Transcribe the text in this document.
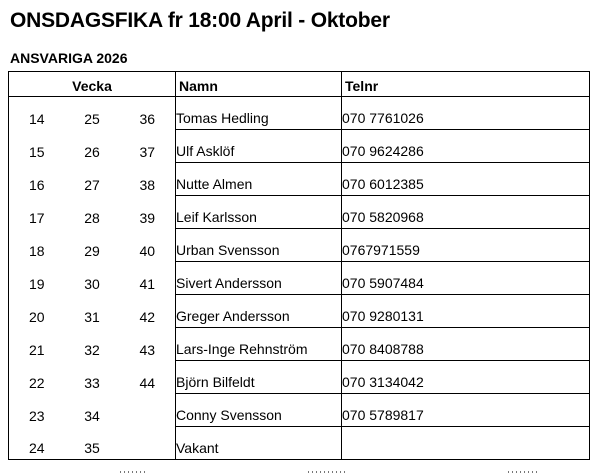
ONSDAGSFIKA fr 18:00 April - Oktober
ANSVARIGA 2026
Vecka			Namn	Telnr
14	25	36	Tomas Hedling	070 7761026
15	26	37	Ulf Asklöf	070 9624286
16	27	38	Nutte Almen	070 6012385
17	28	39	Leif Karlsson	070 5820968
18	29	40	Urban Svensson	0767971559
19	30	41	Sivert Andersson	070 5907484
20	31	42	Greger Andersson	070 9280131
21	32	43	Lars-Inge Rehnström	070 8408788
22	33	44	Björn Bilfeldt	070 3134042
23	34		Conny Svensson	070 5789817
24	35		Vakant	
